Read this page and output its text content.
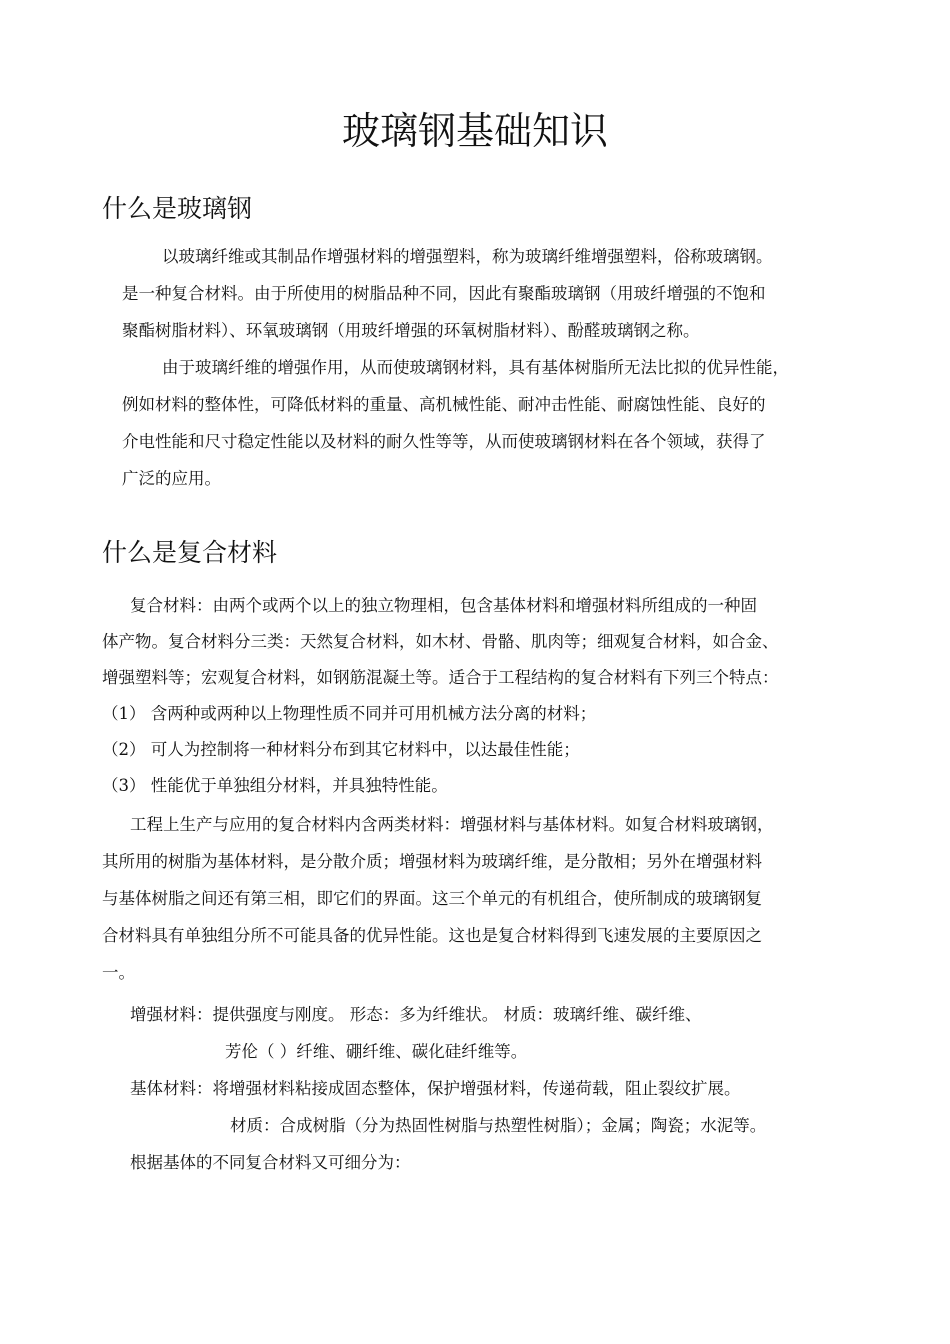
玻璃钢基础知识
什么是玻璃钢

以玻璃纤维或其制品作增强材料的增强塑料，称为玻璃纤维增强塑料，俗称玻璃钢。

是一种复合材料。由于所使用的树脂品种不同，因此有聚酯玻璃钢（用玻纤增强的不饱和

聚酯树脂材料）、环氧玻璃钢（用玻纤增强的环氧树脂材料）、酚醛玻璃钢之称。

由于玻璃纤维的增强作用，从而使玻璃钢材料，具有基体树脂所无法比拟的优异性能，

例如材料的整体性，可降低材料的重量、高机械性能、耐冲击性能、耐腐蚀性能、良好的

介电性能和尺寸稳定性能以及材料的耐久性等等，从而使玻璃钢材料在各个领域，获得了

广泛的应用。

什么是复合材料

复合材料：由两个或两个以上的独立物理相，包含基体材料和增强材料所组成的一种固

体产物。复合材料分三类：天然复合材料，如木材、骨骼、肌肉等；细观复合材料，如合金、

增强塑料等；宏观复合材料，如钢筋混凝土等。适合于工程结构的复合材料有下列三个特点：

（1） 含两种或两种以上物理性质不同并可用机械方法分离的材料；

（2） 可人为控制将一种材料分布到其它材料中，以达最佳性能；

（3） 性能优于单独组分材料，并具独特性能。

工程上生产与应用的复合材料内含两类材料：增强材料与基体材料。如复合材料玻璃钢，

其所用的树脂为基体材料，是分散介质；增强材料为玻璃纤维，是分散相；另外在增强材料

与基体树脂之间还有第三相，即它们的界面。这三个单元的有机组合，使所制成的玻璃钢复

合材料具有单独组分所不可能具备的优异性能。这也是复合材料得到飞速发展的主要原因之

一。

增强材料：提供强度与刚度。 形态：多为纤维状。 材质：玻璃纤维、碳纤维、

芳伦（ ）纤维、硼纤维、碳化硅纤维等。

基体材料：将增强材料粘接成固态整体，保护增强材料，传递荷载，阻止裂纹扩展。

材质：合成树脂（分为热固性树脂与热塑性树脂）；金属；陶瓷；水泥等。

根据基体的不同复合材料又可细分为：
